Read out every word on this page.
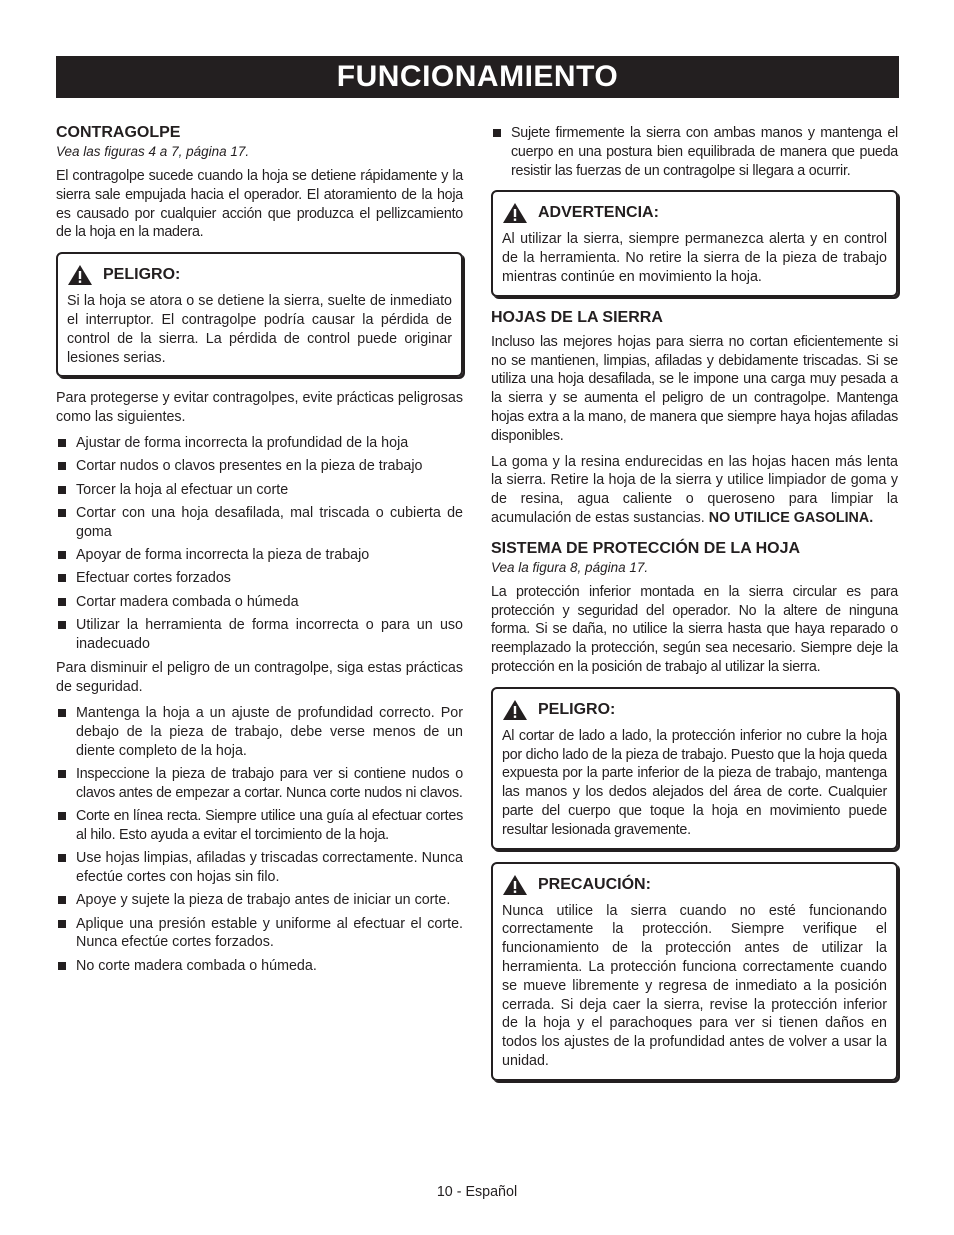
FUNCIONAMIENTO
CONTRAGOLPE
Vea las figuras 4 a 7, página 17.

El contragolpe sucede cuando la hoja se detiene rápidamente y la sierra sale empujada hacia el operador. El atoramiento de la hoja es causado por cualquier acción que produzca el pellizcamiento de la hoja en la madera.

PELIGRO:

Si la hoja se atora o se detiene la sierra, suelte de inmediato el interruptor. El contragolpe podría causar la pérdida de control de la sierra. La pérdida de control puede originar lesiones serias.

Para protegerse y evitar contragolpes, evite prácticas peligrosas como las siguientes.

Ajustar de forma incorrecta la profundidad de la hoja
Cortar nudos o clavos presentes en la pieza de trabajo
Torcer la hoja al efectuar un corte
Cortar con una hoja desafilada, mal triscada o cubierta de goma
Apoyar de forma incorrecta la pieza de trabajo
Efectuar cortes forzados
Cortar madera combada o húmeda
Utilizar la herramienta de forma incorrecta o para un uso inadecuado

Para disminuir el peligro de un contragolpe, siga estas prácticas de seguridad.

Mantenga la hoja a un ajuste de profundidad correcto. Por debajo de la pieza de trabajo, debe verse menos de un diente completo de la hoja.
Inspeccione la pieza de trabajo para ver si contiene nudos o clavos antes de empezar a cortar. Nunca corte nudos ni clavos.
Corte en línea recta. Siempre utilice una guía al efectuar cortes al hilo. Esto ayuda a evitar el torcimiento de la hoja.
Use hojas limpias, afiladas y triscadas correctamente. Nunca efectúe cortes con hojas sin filo.
Apoye y sujete la pieza de trabajo antes de iniciar un corte.
Aplique una presión estable y uniforme al efectuar el corte. Nunca efectúe cortes forzados.
No corte madera combada o húmeda.
Sujete firmemente la sierra con ambas manos y mantenga el cuerpo en una postura bien equilibrada de manera que pueda resistir las fuerzas de un contragolpe si llegara a ocurrir.
ADVERTENCIA:

Al utilizar la sierra, siempre permanezca alerta y en control de la herramienta. No retire la sierra de la pieza de trabajo mientras continúe en movimiento la hoja.

HOJAS DE LA SIERRA

Incluso las mejores hojas para sierra no cortan eficientemente si no se mantienen, limpias, afiladas y debidamente triscadas. Si se utiliza una hoja desafilada, se le impone una carga muy pesada a la sierra y se aumenta el peligro de un contragolpe. Mantenga hojas extra a la mano, de manera que siempre haya hojas afiladas disponibles.

La goma y la resina endurecidas en las hojas hacen más lenta la sierra. Retire la hoja de la sierra y utilice limpiador de goma y de resina, agua caliente o queroseno para limpiar la acumulación de estas sustancias. NO UTILICE GASOLINA.

SISTEMA DE PROTECCIÓN DE LA HOJA
Vea la figura 8, página 17.

La protección inferior montada en la sierra circular es para protección y seguridad del operador. No la altere de ninguna forma. Si se daña, no utilice la sierra hasta que haya reparado o reemplazado la protección, según sea necesario. Siempre deje la protección en la posición de trabajo al utilizar la sierra.

PELIGRO:

Al cortar de lado a lado, la protección inferior no cubre la hoja por dicho lado de la pieza de trabajo. Puesto que la hoja queda expuesta por la parte inferior de la pieza de trabajo, mantenga las manos y los dedos alejados del área de corte. Cualquier parte del cuerpo que toque la hoja en movimiento puede resultar lesionada gravemente.

PRECAUCIÓN:

Nunca utilice la sierra cuando no esté funcionando correctamente la protección. Siempre verifique el funcionamiento de la protección antes de utilizar la herramienta. La protección funciona correctamente cuando se mueve libremente y regresa de inmediato a la posición cerrada. Si deja caer la sierra, revise la protección inferior de la hoja y el parachoques para ver si tienen daños en todos los ajustes de la profundidad antes de volver a usar la unidad.

10 - Español
